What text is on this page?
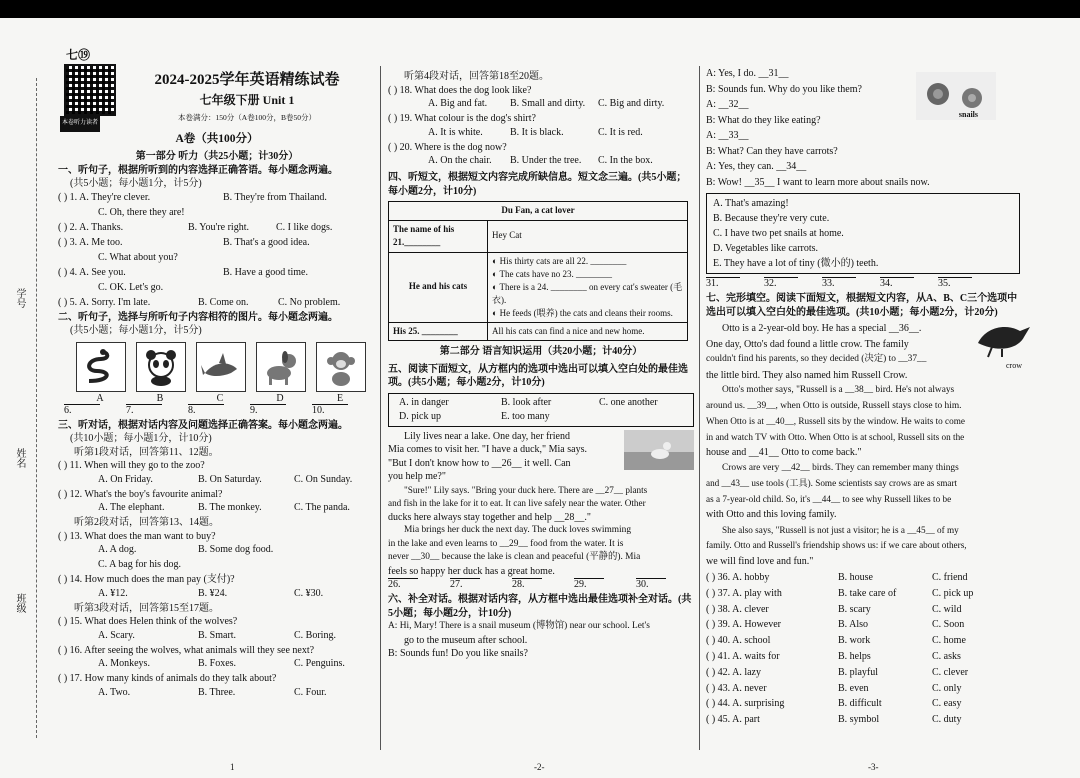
七⑲
学号
姓名
班级
本卷听力读者
2024-2025学年英语精练试卷
七年级下册 Unit 1
本卷满分：150分（A卷100分，B卷50分）
A卷（共100分）
第一部分 听力（共25小题；计30分）
一、听句子，根据所听到的内容选择正确答语。每小题念两遍。
(共5小题；每小题1分，计5分)
( ) 1. A. They're clever.	B. They're from Thailand.
C. Oh, there they are!
( ) 2. A. Thanks.	B. You're right.	C. I like dogs.
( ) 3. A. Me too.	B. That's a good idea.
C. What about you?
( ) 4. A. See you.	B. Have a good time.
C. OK. Let's go.
( ) 5. A. Sorry. I'm late.	B. Come on.	C. No problem.
二、听句子，选择与所听句子内容相符的图片。每小题念两遍。
(共5小题；每小题1分，计5分)
A	B	C	D	E
6.	7.	8.	9.	10.
三、听对话，根据对话内容及问题选择正确答案。每小题念两遍。
(共10小题；每小题1分，计10分)
听第1段对话，回答第11、12题。
( ) 11. When will they go to the zoo?
A. On Friday.	B. On Saturday.	C. On Sunday.
( ) 12. What's the boy's favourite animal?
A. The elephant.	B. The monkey.	C. The panda.
听第2段对话，回答第13、14题。
( ) 13. What does the man want to buy?
A. A dog.	B. Some dog food.
C. A bag for his dog.
( ) 14. How much does the man pay (支付)?
A. ¥12.	B. ¥24.	C. ¥30.
听第3段对话，回答第15至17题。
( ) 15. What does Helen think of the wolves?
A. Scary.	B. Smart.	C. Boring.
( ) 16. After seeing the wolves, what animals will they see next?
A. Monkeys.	B. Foxes.	C. Penguins.
( ) 17. How many kinds of animals do they talk about?
A. Two.	B. Three.	C. Four.
1
听第4段对话，回答第18至20题。
( ) 18. What does the dog look like?
A. Big and fat. B. Small and dirty. C. Big and dirty.
( ) 19. What colour is the dog's shirt?
A. It is white.	B. It is black.	C. It is red.
( ) 20. Where is the dog now?
A. On the chair. B. Under the tree. C. In the box.
四、听短文，根据短文内容完成所缺信息。短文念三遍。(共5小题；每小题2分，计10分)
Du Fan, a cat lover	
The name of his 21.________	Hey Cat
He and his cats	◐ His thirty cats are all 22. ________
◐ The cats have no 23. ________
◐ There is a 24. ________ on every cat's sweater (毛衣).
◐ He feeds (喂养) the cats and cleans their rooms.

His 25. ________	All his cats can find a nice and new home.
第二部分 语言知识运用（共20小题；计40分）
五、阅读下面短文，从方框内的选项中选出可以填入空白处的最佳选项。(共5小题；每小题2分，计10分)
A. in danger	B. look after	C. one another
D. pick up	E. too many
Lily lives near a lake. One day, her friend
Mia comes to visit her. "I have a duck," Mia says.
"But I don't know how to __26__ it well. Can
you help me?"
"Sure!" Lily says. "Bring your duck here. There are __27__ plants
and fish in the lake for it to eat. It can live safely near the water. Other
ducks here always stay together and help __28__."
Mia brings her duck the next day. The duck loves swimming
in the lake and even learns to __29__ food from the water. It is
never __30__ because the lake is clean and peaceful (平静的). Mia
feels so happy her duck has a great home.
26.	27.	28.	29.	30.
六、补全对话。根据对话内容，从方框中选出最佳选项补全对话。(共5小题；每小题2分，计10分)
A: Hi, Mary! There is a snail museum (博物馆) near our school. Let's
go to the museum after school.
B: Sounds fun! Do you like snails?
-2-
snails
A: Yes, I do. __31__
B: Sounds fun. Why do you like them?
A: __32__
B: What do they like eating?
A: __33__
B: What? Can they have carrots?
A: Yes, they can. __34__
B: Wow! __35__ I want to learn more about snails now.
A. That's amazing!
B. Because they're very cute.
C. I have two pet snails at home.
D. Vegetables like carrots.
E. They have a lot of tiny (微小的) teeth.
31.	32.	33.	34.	35.
七、完形填空。阅读下面短文，根据短文内容，从A、B、C三个选项中选出可以填入空白处的最佳选项。(共10小题；每小题2分，计20分)
crow
Otto is a 2-year-old boy. He has a special __36__.
One day, Otto's dad found a little crow. The family
couldn't find his parents, so they decided (决定) to __37__
the little bird. They also named him Russell Crow.
Otto's mother says, "Russell is a __38__ bird. He's not always
around us. __39__, when Otto is outside, Russell stays close to him.
When Otto is at __40__, Russell sits by the window. He waits to come
in and watch TV with Otto. When Otto is at school, Russell sits on the
house and __41__ Otto to come back."
Crows are very __42__ birds. They can remember many things
and __43__ use tools (工具). Some scientists say crows are as smart
as a 7-year-old child. So, it's __44__ to see why Russell likes to be
with Otto and this loving family.
She also says, "Russell is not just a visitor; he is a __45__ of my
family. Otto and Russell's friendship shows us: if we care about others,
we will find love and fun."
( ) 36. A. hobby	B. house	C. friend
( ) 37. A. play with	B. take care of	C. pick up
( ) 38. A. clever	B. scary	C. wild
( ) 39. A. However	B. Also	C. Soon
( ) 40. A. school	B. work	C. home
( ) 41. A. waits for	B. helps	C. asks
( ) 42. A. lazy	B. playful	C. clever
( ) 43. A. never	B. even	C. only
( ) 44. A. surprising	B. difficult	C. easy
( ) 45. A. part	B. symbol	C. duty
-3-
